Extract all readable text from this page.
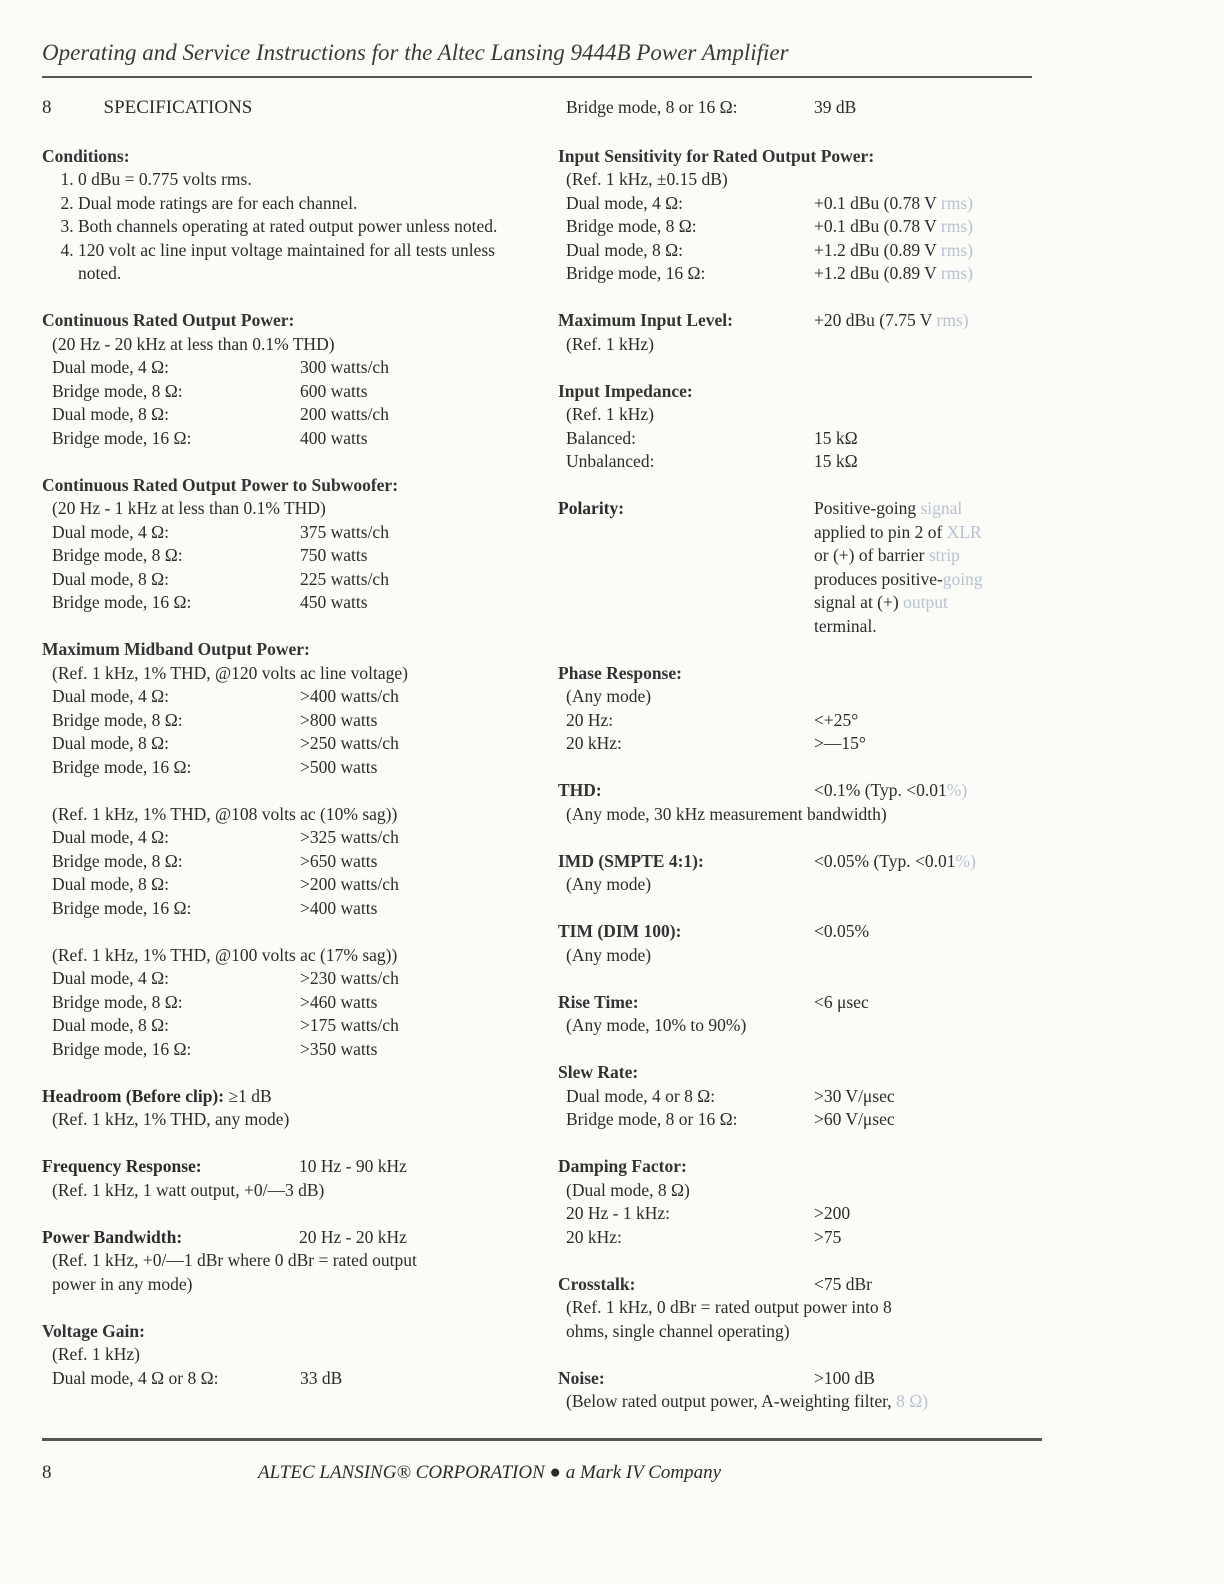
Operating and Service Instructions for the Altec Lansing 9444B Power Amplifier
8	SPECIFICATIONS
Conditions:
1. 0 dBu = 0.775 volts rms.
2. Dual mode ratings are for each channel.
3. Both channels operating at rated output power unless noted.
4. 120 volt ac line input voltage maintained for all tests unless noted.
Continuous Rated Output Power:
(20 Hz - 20 kHz at less than 0.1% THD)
Dual mode, 4 Ω:	300 watts/ch
Bridge mode, 8 Ω:	600 watts
Dual mode, 8 Ω:	200 watts/ch
Bridge mode, 16 Ω:	400 watts
Continuous Rated Output Power to Subwoofer:
(20 Hz - 1 kHz at less than 0.1% THD)
Dual mode, 4 Ω:	375 watts/ch
Bridge mode, 8 Ω:	750 watts
Dual mode, 8 Ω:	225 watts/ch
Bridge mode, 16 Ω:	450 watts
Maximum Midband Output Power:
(Ref. 1 kHz, 1% THD, @120 volts ac line voltage)
Dual mode, 4 Ω:	>400 watts/ch
Bridge mode, 8 Ω:	>800 watts
Dual mode, 8 Ω:	>250 watts/ch
Bridge mode, 16 Ω:	>500 watts
(Ref. 1 kHz, 1% THD, @108 volts ac (10% sag))
Dual mode, 4 Ω:	>325 watts/ch
Bridge mode, 8 Ω:	>650 watts
Dual mode, 8 Ω:	>200 watts/ch
Bridge mode, 16 Ω:	>400 watts
(Ref. 1 kHz, 1% THD, @100 volts ac (17% sag))
Dual mode, 4 Ω:	>230 watts/ch
Bridge mode, 8 Ω:	>460 watts
Dual mode, 8 Ω:	>175 watts/ch
Bridge mode, 16 Ω:	>350 watts
Headroom (Before clip):
≥1 dB
(Ref. 1 kHz, 1% THD, any mode)
Frequency Response:	10 Hz - 90 kHz
(Ref. 1 kHz, 1 watt output, +0/—3 dB)
Power Bandwidth:	20 Hz - 20 kHz
(Ref. 1 kHz, +0/—1 dBr where 0 dBr = rated output
power in any mode)
Voltage Gain:
(Ref. 1 kHz)
Dual mode, 4 Ω or 8 Ω:	33 dB
Bridge mode, 8 or 16 Ω:	39 dB
Input Sensitivity for Rated Output Power:
(Ref. 1 kHz, ±0.15 dB)
Dual mode, 4 Ω:	+0.1 dBu (0.78 V rms)
Bridge mode, 8 Ω:	+0.1 dBu (0.78 V rms)
Dual mode, 8 Ω:	+1.2 dBu (0.89 V rms)
Bridge mode, 16 Ω:	+1.2 dBu (0.89 V rms)
Maximum Input Level:	+20 dBu (7.75 V rms)
(Ref. 1 kHz)
Input Impedance:
(Ref. 1 kHz)
Balanced:	15 kΩ
Unbalanced:	15 kΩ
Polarity:	Positive-going signal
applied to pin 2 of XLR
or (+) of barrier strip
produces positive-going
signal at (+) output
terminal.
Phase Response:
(Any mode)
20 Hz:	<+25°
20 kHz:	>—15°
THD:	<0.1% (Typ. <0.01%)
(Any mode, 30 kHz measurement bandwidth)
IMD (SMPTE 4:1):	<0.05% (Typ. <0.01%)
(Any mode)
TIM (DIM 100):	<0.05%
(Any mode)
Rise Time:	<6 μsec
(Any mode, 10% to 90%)
Slew Rate:
Dual mode, 4 or 8 Ω:	>30 V/μsec
Bridge mode, 8 or 16 Ω:	>60 V/μsec
Damping Factor:
(Dual mode, 8 Ω)
20 Hz - 1 kHz:	>200
20 kHz:	>75
Crosstalk:	<75 dBr
(Ref. 1 kHz, 0 dBr = rated output power into 8
ohms, single channel operating)
Noise:	>100 dB
(Below rated output power, A-weighting filter, 8 Ω)
8	ALTEC LANSING® CORPORATION ● a Mark IV Company
